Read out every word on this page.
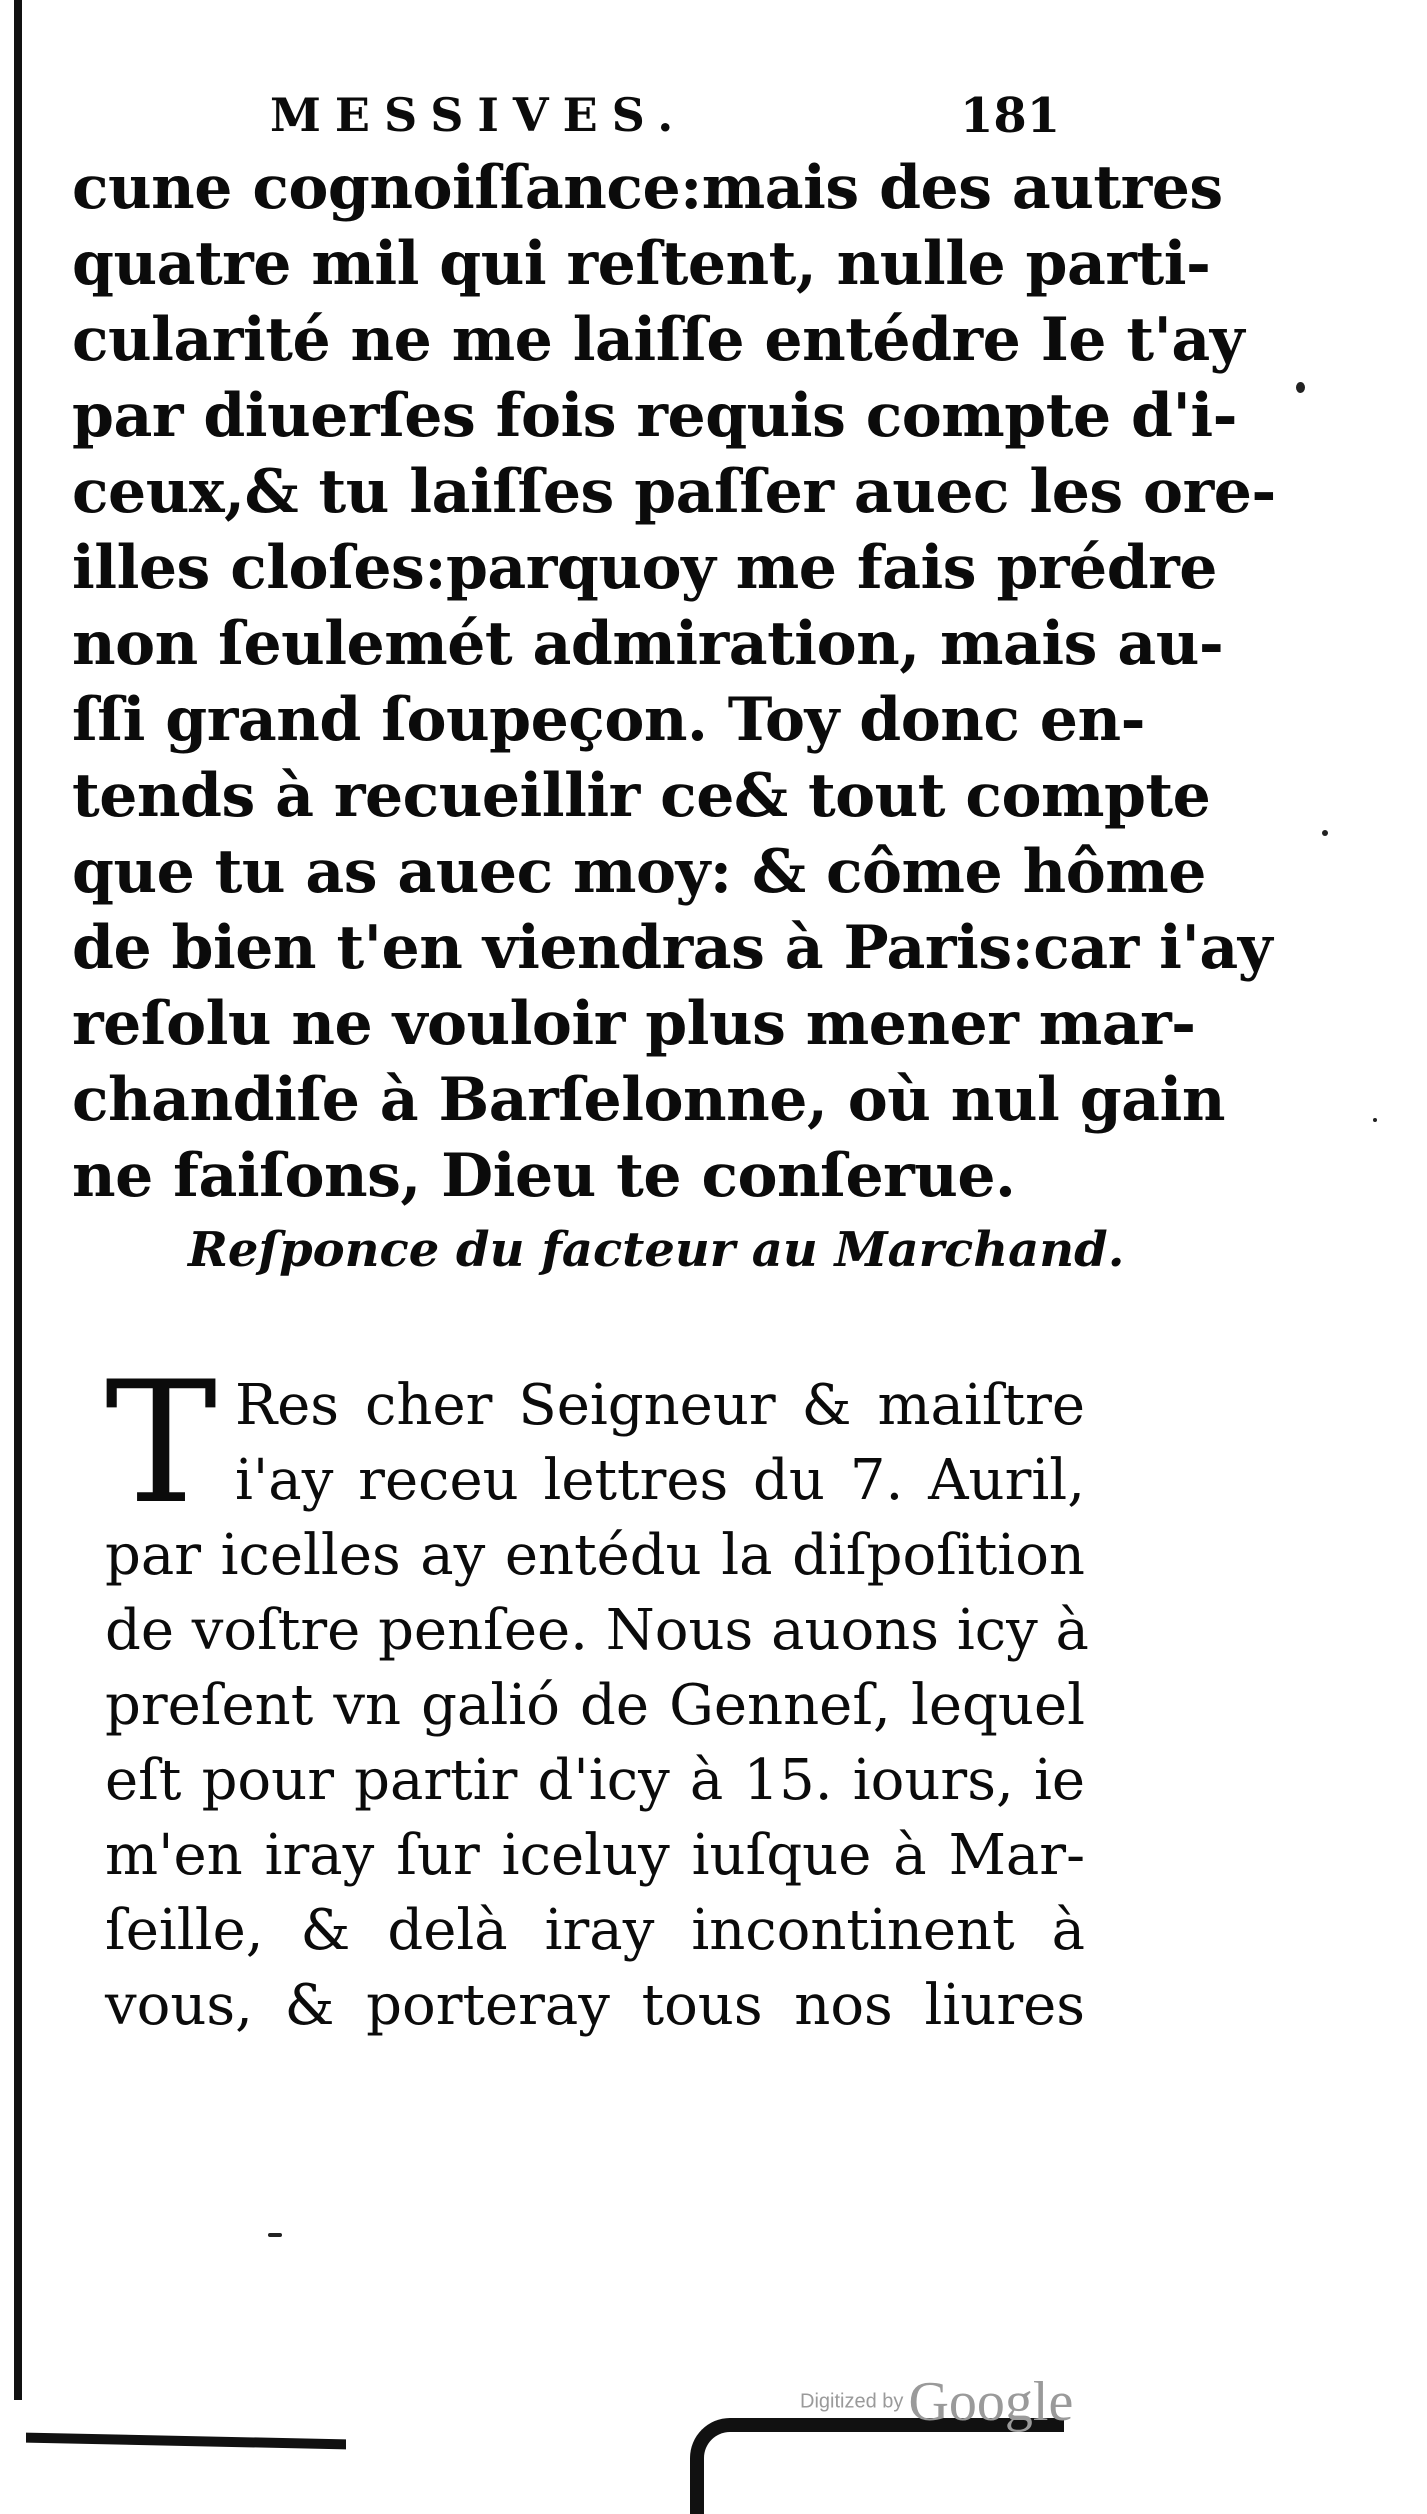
MESSIVES.	181
cune cognoiſſance:mais des autres
quatre mil qui reſtent, nulle parti-
cularité ne me laiſſe entédre Ie t'ay
par diuerſes fois requis compte d'i-
ceux,& tu laiſſes paſſer auec les ore-
illes cloſes:parquoy me fais prédre
non ſeulemét admiration, mais au-
ſſi grand ſoupeçon. Toy donc en-
tends à recueillir ce& tout compte
que tu as auec moy: & côme hôme
de bien t'en viendras à Paris:car i'ay
reſolu ne vouloir plus mener mar-
chandiſe à Barſelonne, où nul gain
ne faiſons, Dieu te conſerue.
Reſponce du facteur au Marchand.
T Res cher Seigneur & maiſtre
i'ay receu lettres du 7. Auril,
par icelles ay entédu la diſpoſition
de voſtre penſee. Nous auons icy à
preſent vn galió de Genneſ, lequel
eſt pour partir d'icy à 15. iours, ie
m'en iray ſur iceluy iuſque à Mar-
ſeille, & delà iray incontinent à
vous, & porteray tous nos liures
Digitized by Google
